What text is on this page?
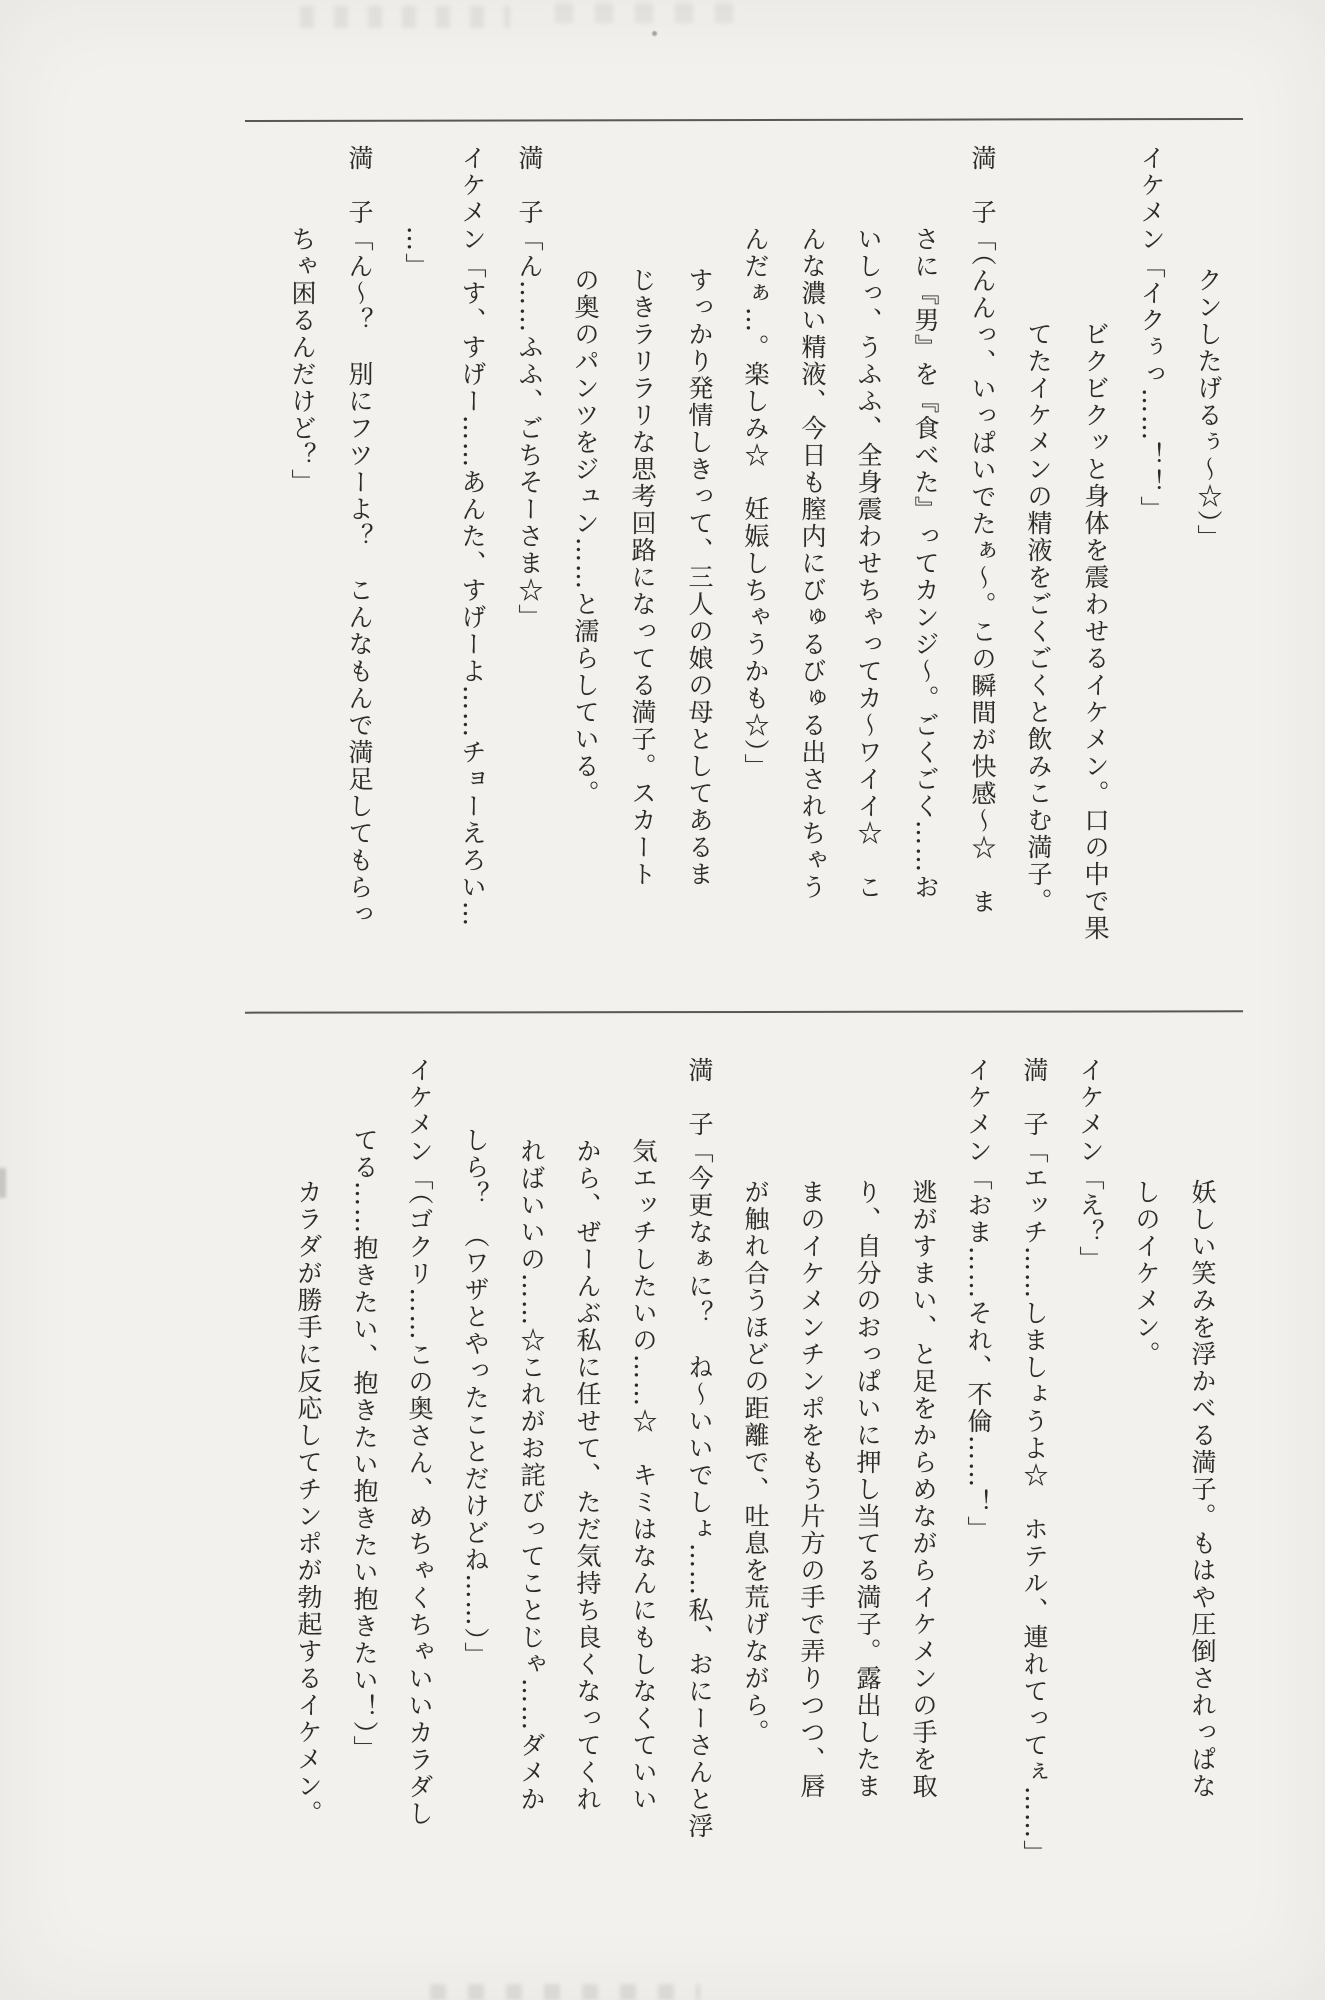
クンしたげるぅ〜☆）」
イケメン「イクぅっ……！！」
ビクビクッと身体を震わせるイケメン。口の中で果
てたイケメンの精液をごくごくと飲みこむ満子。
満　子「（んんっ、いっぱいでたぁ〜。この瞬間が快感〜☆　ま
さに『男』を『食べた』ってカンジ〜。ごくごく……お
いしっ、うふふ、全身震わせちゃってカ〜ワイイ☆　こ
んな濃い精液、今日も膣内にびゅるびゅる出されちゃう
んだぁ…。楽しみ☆　妊娠しちゃうかも☆）」
すっかり発情しきって、三人の娘の母としてあるま
じきラリラリな思考回路になってる満子。スカート
の奥のパンツをジュン……と濡らしている。
満　子「ん……ふふ、ごちそーさま☆」
イケメン「す、すげー……あんた、すげーよ……チョーえろい…
…」
満　子「ん〜？　別にフツーよ？　こんなもんで満足してもらっ
ちゃ困るんだけど？」
妖しい笑みを浮かべる満子。もはや圧倒されっぱな
しのイケメン。
イケメン「え？」
満　子「エッチ……しましょうよ☆　ホテル、連れてってぇ……」
イケメン「おま……それ、不倫……！」
逃がすまい、と足をからめながらイケメンの手を取
り、自分のおっぱいに押し当てる満子。露出したま
まのイケメンチンポをもう片方の手で弄りつつ、唇
が触れ合うほどの距離で、吐息を荒げながら。
満　子「今更なぁに？　ね〜いいでしょ……私、おにーさんと浮
気エッチしたいの……☆　キミはなんにもしなくていい
から、ぜーんぶ私に任せて、ただ気持ち良くなってくれ
ればいいの……☆これがお詫びってことじゃ……ダメか
しら？　（ワザとやったことだけどね……）」
イケメン「（ゴクリ……この奥さん、めちゃくちゃいいカラダし
てる……抱きたい、抱きたい抱きたい抱きたい！）」
カラダが勝手に反応してチンポが勃起するイケメン。
